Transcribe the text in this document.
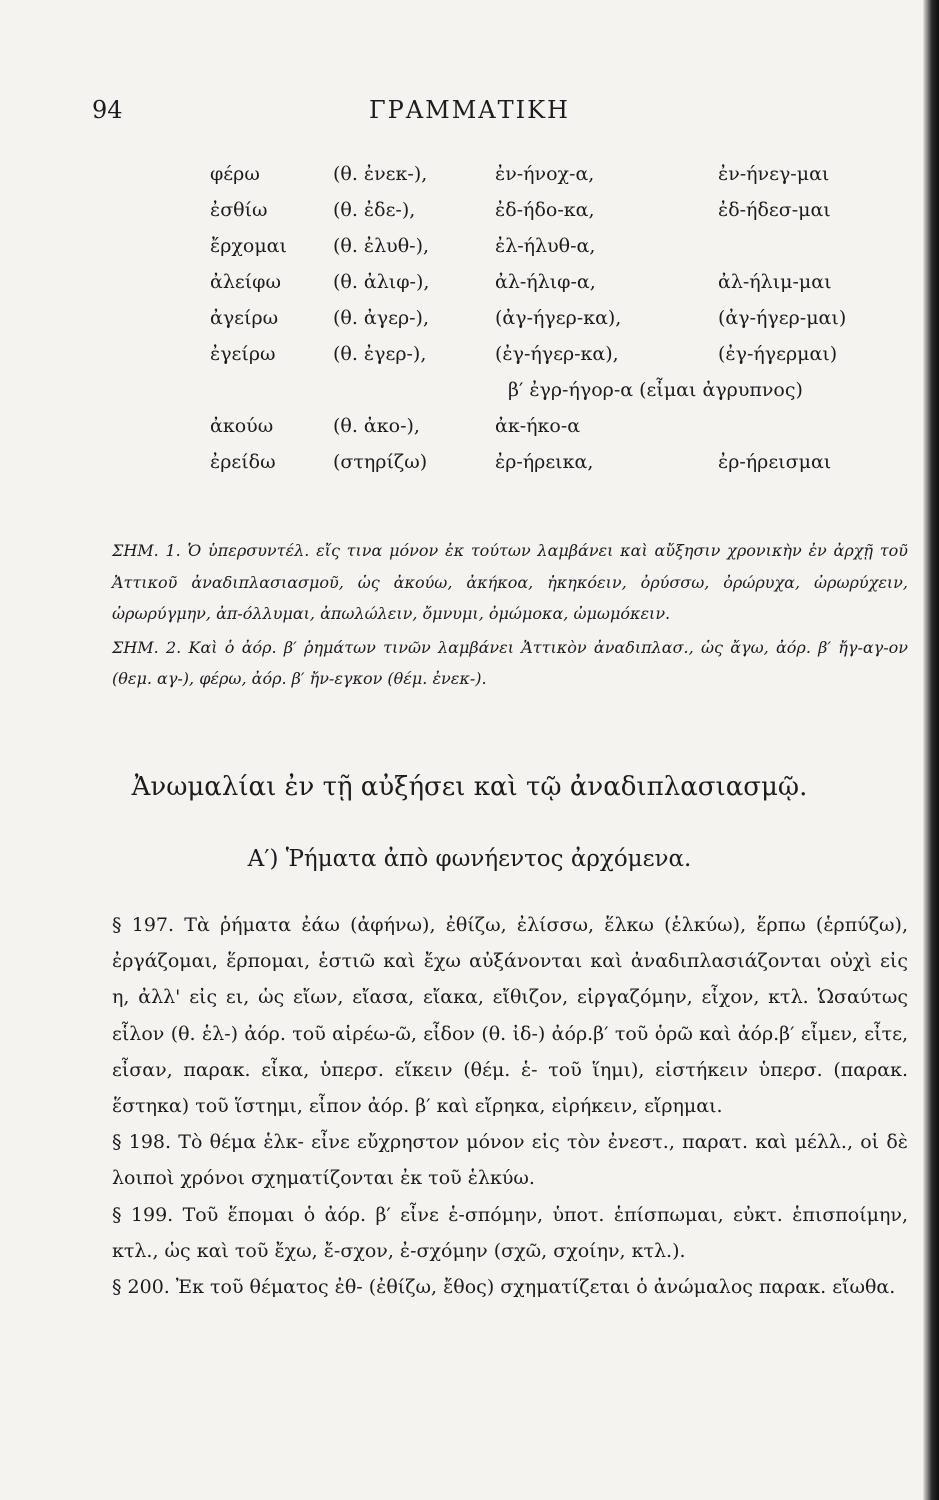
94	ΓΡΑΜΜΑΤΙΚΗ
φέρω	(θ. ἐνεκ-),	ἐν-ήνοχ-α,	ἐν-ήνεγ-μαι
ἐσθίω	(θ. ἐδε-),	ἐδ-ήδο-κα,	ἐδ-ήδεσ-μαι
ἔρχομαι (θ. ἐλυθ-),	ἐλ-ήλυθ-α,
ἀλείφω	(θ. ἀλιφ-),	ἀλ-ήλιφ-α,	ἀλ-ήλιμ-μαι
ἀγείρω	(θ. ἀγερ-),	(ἀγ-ήγερ-κα),	(ἀγ-ήγερ-μαι)
ἐγείρω	(θ. ἐγερ-),	(ἐγ-ήγερ-κα),	(ἐγ-ήγερμαι)
β′ ἐγρ-ήγορ-α (εἶμαι ἀγρυπνος)
ἀκούω	(θ. ἀκο-),	ἀκ-ήκο-α
ἐρείδω	(στηρίζω)	ἐρ-ήρεικα,	ἐρ-ήρεισμαι

ΣΗΜ. 1. Ὁ ὑπερσυντέλ. εἴς τινα μόνον ἐκ τούτων λαμβάνει καὶ αὔξησιν χρονικὴν ἐν ἀρχῇ τοῦ Ἀττικοῦ ἀναδιπλασιασμοῦ, ὡς ἀκούω, ἀκήκοα, ἠκηκόειν, ὀρύσσω, ὀρώρυχα, ὠρωρύχειν, ὠρωρύγμην, ἀπ-όλλυμαι, ἀπωλώλειν, ὄμνυμι, ὀμώμοκα, ὠμωμόκειν.

ΣΗΜ. 2. Καὶ ὁ ἀόρ. β′ ῥημάτων τινῶν λαμβάνει Ἀττικὸν ἀναδιπλασ., ὡς ἄγω, ἀόρ. β′ ἤγ-αγ-ον (θεμ. αγ-), φέρω, ἀόρ. β′ ἤν-εγκον (θέμ. ἐνεκ-).

Ἀνωμαλίαι ἐν τῇ αὐξήσει καὶ τῷ ἀναδιπλασιασμῷ.
Α′) Ῥήματα ἀπὸ φωνήεντος ἀρχόμενα.

§ 197. Τὰ ῥήματα ἐάω (ἀφήνω), ἐθίζω, ἐλίσσω, ἕλκω (ἑλκύω), ἕρπω (ἑρπύζω), ἐργάζομαι, ἕρπομαι, ἑστιῶ καὶ ἔχω αὐξάνονται καὶ ἀναδιπλασιάζονται οὐχὶ εἰς η, ἀλλ' εἰς ει, ὡς εἴων, εἴασα, εἴακα, εἴθιζον, εἰργαζόμην, εἶχον, κτλ. Ὡσαύτως εἷλον (θ. ἑλ-) ἀόρ. τοῦ αἱρέω-ῶ, εἶδον (θ. ἰδ-) ἀόρ.β′ τοῦ ὁρῶ καὶ ἀόρ.β′ εἶμεν, εἶτε, εἶσαν, παρακ. εἷκα, ὑπερσ. εἵκειν (θέμ. ἑ- τοῦ ἵημι), εἱστήκειν ὑπερσ. (παρακ. ἕστηκα) τοῦ ἵστημι, εἶπον ἀόρ. β′ καὶ εἴρηκα, εἰρήκειν, εἴρημαι.

§ 198. Τὸ θέμα ἑλκ- εἶνε εὔχρηστον μόνον εἰς τὸν ἐνεστ., παρατ. καὶ μέλλ., οἱ δὲ λοιποὶ χρόνοι σχηματίζονται ἐκ τοῦ ἑλκύω.

§ 199. Τοῦ ἕπομαι ὁ ἀόρ. β′ εἶνε ἑ-σπόμην, ὑποτ. ἑπίσπωμαι, εὐκτ. ἑπισποίμην, κτλ., ὡς καὶ τοῦ ἔχω, ἔ-σχον, ἐ-σχόμην (σχῶ, σχοίην, κτλ.).

§ 200. Ἐκ τοῦ θέματος ἐθ- (ἐθίζω, ἔθος) σχηματίζεται ὁ ἀνώμαλος παρακ. εἴωθα.
